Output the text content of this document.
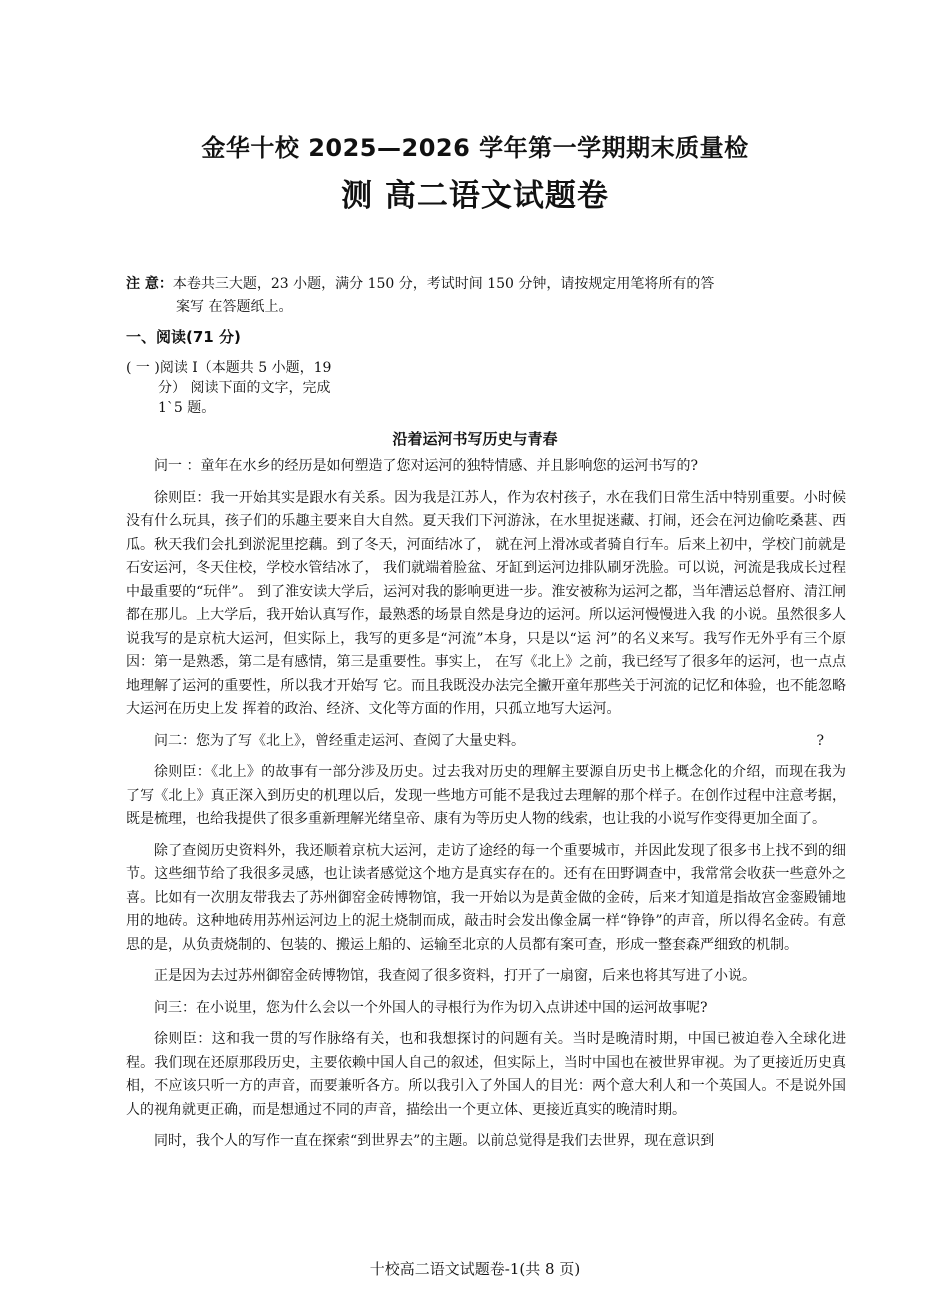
金华十校 2025—2026 学年第一学期期末质量检
测 高二语文试题卷
注 意：本卷共三大题，23 小题，满分 150 分，考试时间 150 分钟，请按规定用笔将所有的答
案写 在答题纸上。
一、阅读(71 分)
( 一 )阅读 I（本题共 5 小题，19
分） 阅读下面的文字，完成
1`5 题。
沿着运河书写历史与青春

问一 ：童年在水乡的经历是如何塑造了您对运河的独特情感、并且影响您的运河书写的?

徐则臣：我一开始其实是跟水有关系。因为我是江苏人，作为农村孩子，水在我们日常生活中特别重要。小时候没有什么玩具，孩子们的乐趣主要来自大自然。夏天我们下河游泳，在水里捉迷藏、打闹，还会在河边偷吃桑葚、西瓜。秋天我们会扎到淤泥里挖藕。到了冬天，河面结冰了， 就在河上滑冰或者骑自行车。后来上初中，学校门前就是石安运河，冬天住校，学校水管结冰了， 我们就端着脸盆、牙缸到运河边排队刷牙洗脸。可以说，河流是我成长过程中最重要的“玩伴”。 到了淮安读大学后，运河对我的影响更进一步。淮安被称为运河之都，当年漕运总督府、清江闸 都在那儿。上大学后，我开始认真写作，最熟悉的场景自然是身边的运河。所以运河慢慢进入我 的小说。虽然很多人说我写的是京杭大运河，但实际上，我写的更多是“河流”本身，只是以“运 河”的名义来写。我写作无外乎有三个原因：第一是熟悉，第二是有感情，第三是重要性。事实上， 在写《北上》之前，我已经写了很多年的运河，也一点点地理解了运河的重要性，所以我才开始写 它。而且我既没办法完全撇开童年那些关于河流的记忆和体验，也不能忽略大运河在历史上发 挥着的政治、经济、文化等方面的作用，只孤立地写大运河。

问二：您为了写《北上》，曾经重走运河、查阅了大量史料。	?

徐则臣：《北上》的故事有一部分涉及历史。过去我对历史的理解主要源自历史书上概念化的介绍，而现在我为了写《北上》真正深入到历史的机理以后，发现一些地方可能不是我过去理解的那个样子。在创作过程中注意考据，既是梳理，也给我提供了很多重新理解光绪皇帝、康有为等历史人物的线索，也让我的小说写作变得更加全面了。

除了查阅历史资料外，我还顺着京杭大运河，走访了途经的每一个重要城市，并因此发现了很多书上找不到的细节。这些细节给了我很多灵感，也让读者感觉这个地方是真实存在的。还有在田野调查中，我常常会收获一些意外之喜。比如有一次朋友带我去了苏州御窑金砖博物馆，我一开始以为是黄金做的金砖，后来才知道是指故宫金銮殿铺地用的地砖。这种地砖用苏州运河边上的泥土烧制而成，敲击时会发出像金属一样“铮铮”的声音，所以得名金砖。有意思的是，从负责烧制的、包装的、搬运上船的、运输至北京的人员都有案可查，形成一整套森严细致的机制。

正是因为去过苏州御窑金砖博物馆，我查阅了很多资料，打开了一扇窗，后来也将其写进了小说。

问三：在小说里，您为什么会以一个外国人的寻根行为作为切入点讲述中国的运河故事呢?

徐则臣：这和我一贯的写作脉络有关，也和我想探讨的问题有关。当时是晚清时期，中国已被迫卷入全球化进程。我们现在还原那段历史，主要依赖中国人自己的叙述，但实际上，当时中国也在被世界审视。为了更接近历史真相，不应该只听一方的声音，而要兼听各方。所以我引入了外国人的目光：两个意大利人和一个英国人。不是说外国人的视角就更正确，而是想通过不同的声音，描绘出一个更立体、更接近真实的晚清时期。

同时，我个人的写作一直在探索“到世界去”的主题。以前总觉得是我们去世界，现在意识到

十校高二语文试题卷-1(共 8 页)
